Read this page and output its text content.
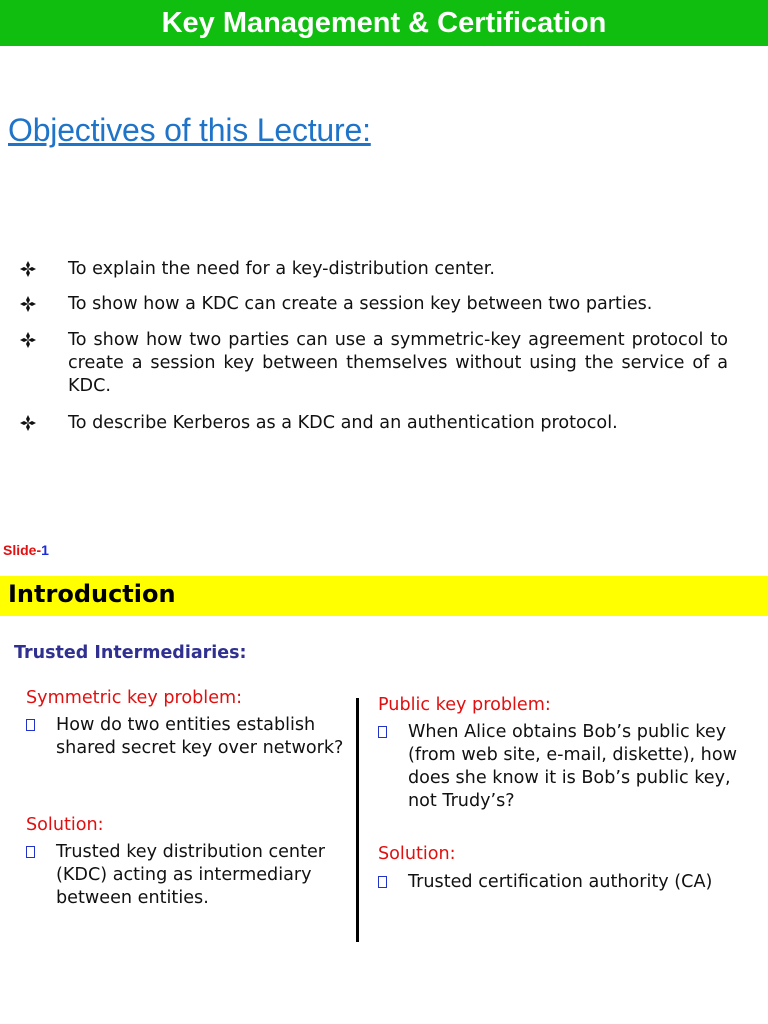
Key Management & Certification
Objectives of this Lecture:
To explain the need for a key-distribution center.
To show how a KDC can create a session key between two parties.
To show how two parties can use a symmetric-key agreement protocol to create a session key between themselves without using the service of a KDC.
To describe Kerberos as a KDC and an authentication protocol.
Slide-1
Introduction
Trusted Intermediaries:
Symmetric key problem:
How do two entities establish shared secret key over network?
Solution:
Trusted key distribution center (KDC) acting as intermediary between entities.
Public key problem:
When Alice obtains Bob’s public key (from web site, e-mail, diskette), how does she know it is Bob’s public key, not Trudy’s?
Solution:
Trusted certification authority (CA)
